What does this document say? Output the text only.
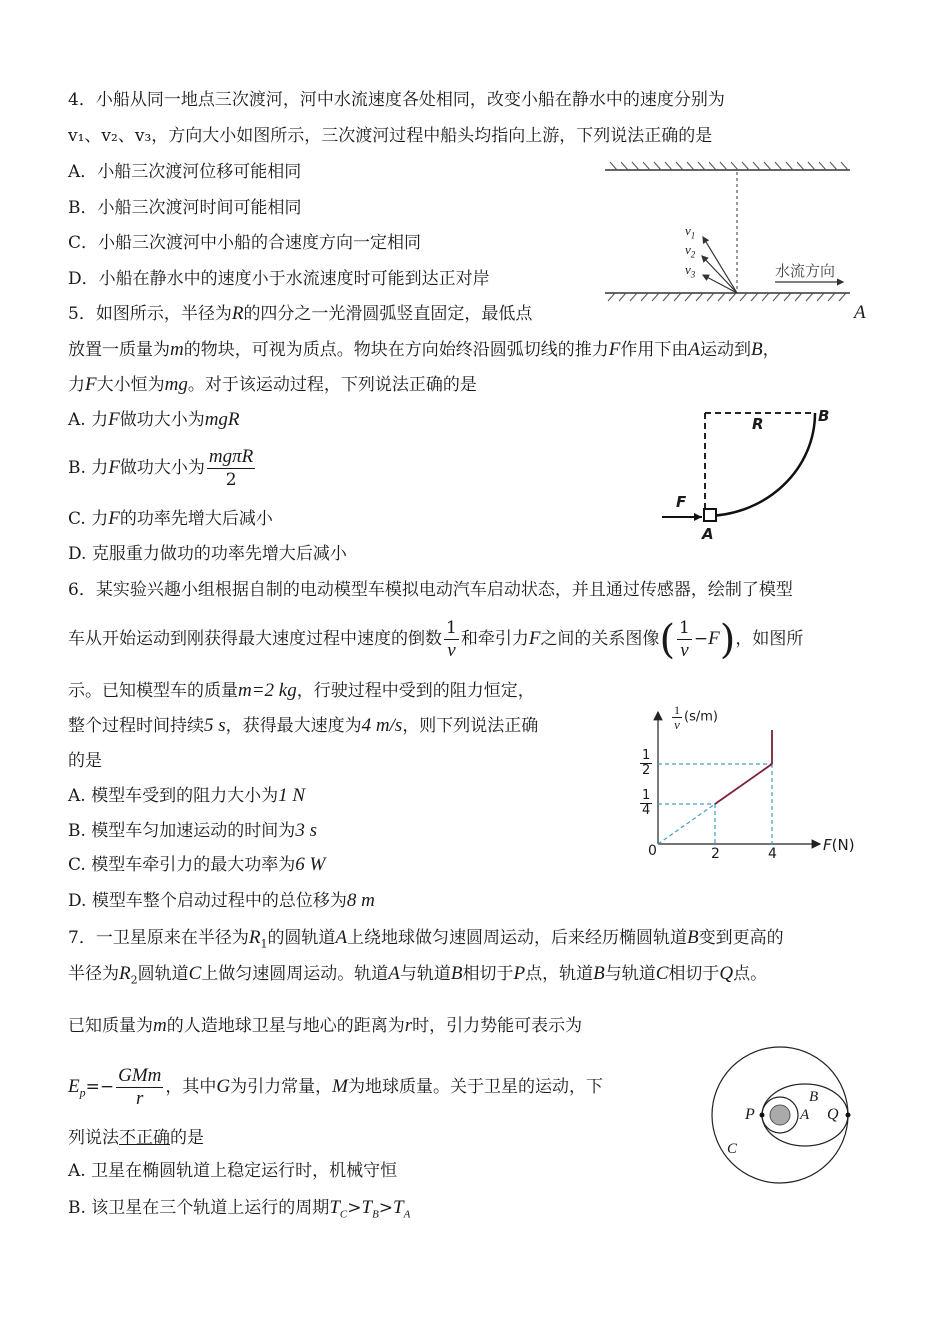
4．小船从同一地点三次渡河，河中水流速度各处相同，改变小船在静水中的速度分别为
v₁、v₂、v₃，方向大小如图所示，三次渡河过程中船头均指向上游，下列说法正确的是
A．小船三次渡河位移可能相同
B．小船三次渡河时间可能相同
C．小船三次渡河中小船的合速度方向一定相同
D．小船在静水中的速度小于水流速度时可能到达正对岸
$v_1$
$v_2$
$v_3$	水流方向
5．如图所示，半径为R的四分之一光滑圆弧竖直固定，最低点	A
放置一质量为m的物块，可视为质点。物块在方向始终沿圆弧切线的推力F作用下由A运动到B，
力F大小恒为mg。对于该运动过程，下列说法正确的是
A. 力F做功大小为mgR
B. 力F做功大小为
mgπR
2
C. 力F的功率先增大后减小
D. 克服重力做功的功率先增大后减小
R	B
F
A
6．某实验兴趣小组根据自制的电动模型车模拟电动汽车启动状态，并且通过传感器，绘制了模型
车从开始运动到刚获得最大速度过程中速度的倒数 $\frac{1}{v}$ 和牵引力F之间的关系图像( $\frac{1}{v} -F$)，如图所
示。已知模型车的质量m=2 kg，行驶过程中受到的阻力恒定，
整个过程时间持续5 s，获得最大速度为4 m/s，则下列说法正确
的是
A. 模型车受到的阻力大小为1 N
B. 模型车匀加速运动的时间为3 s
C. 模型车牵引力的最大功率为6 W
D. 模型车整个启动过程中的总位移为8 m
$\frac{1}{v} (s/m)$
F(N)
0	2	4
$\frac{1}{4}$
$\frac{1}{2}$
7．一卫星原来在半径为$R_1$的圆轨道A上绕地球做匀速圆周运动，后来经历椭圆轨道B变到更高的
半径为$R_2$圆轨道C上做匀速圆周运动。轨道A与轨道B相切于P点，轨道B与轨道C相切于Q点。
已知质量为m的人造地球卫星与地心的距离为r时，引力势能可表示为
$E_p=-$
GMm
r
，其中G为引力常量，M为地球质量。关于卫星的运动，下
列说法不正确的是
A. 卫星在椭圆轨道上稳定运行时，机械守恒
B. 该卫星在三个轨道上运行的周期$T_C>T_B>T_A$
P	A
B
Q
C
